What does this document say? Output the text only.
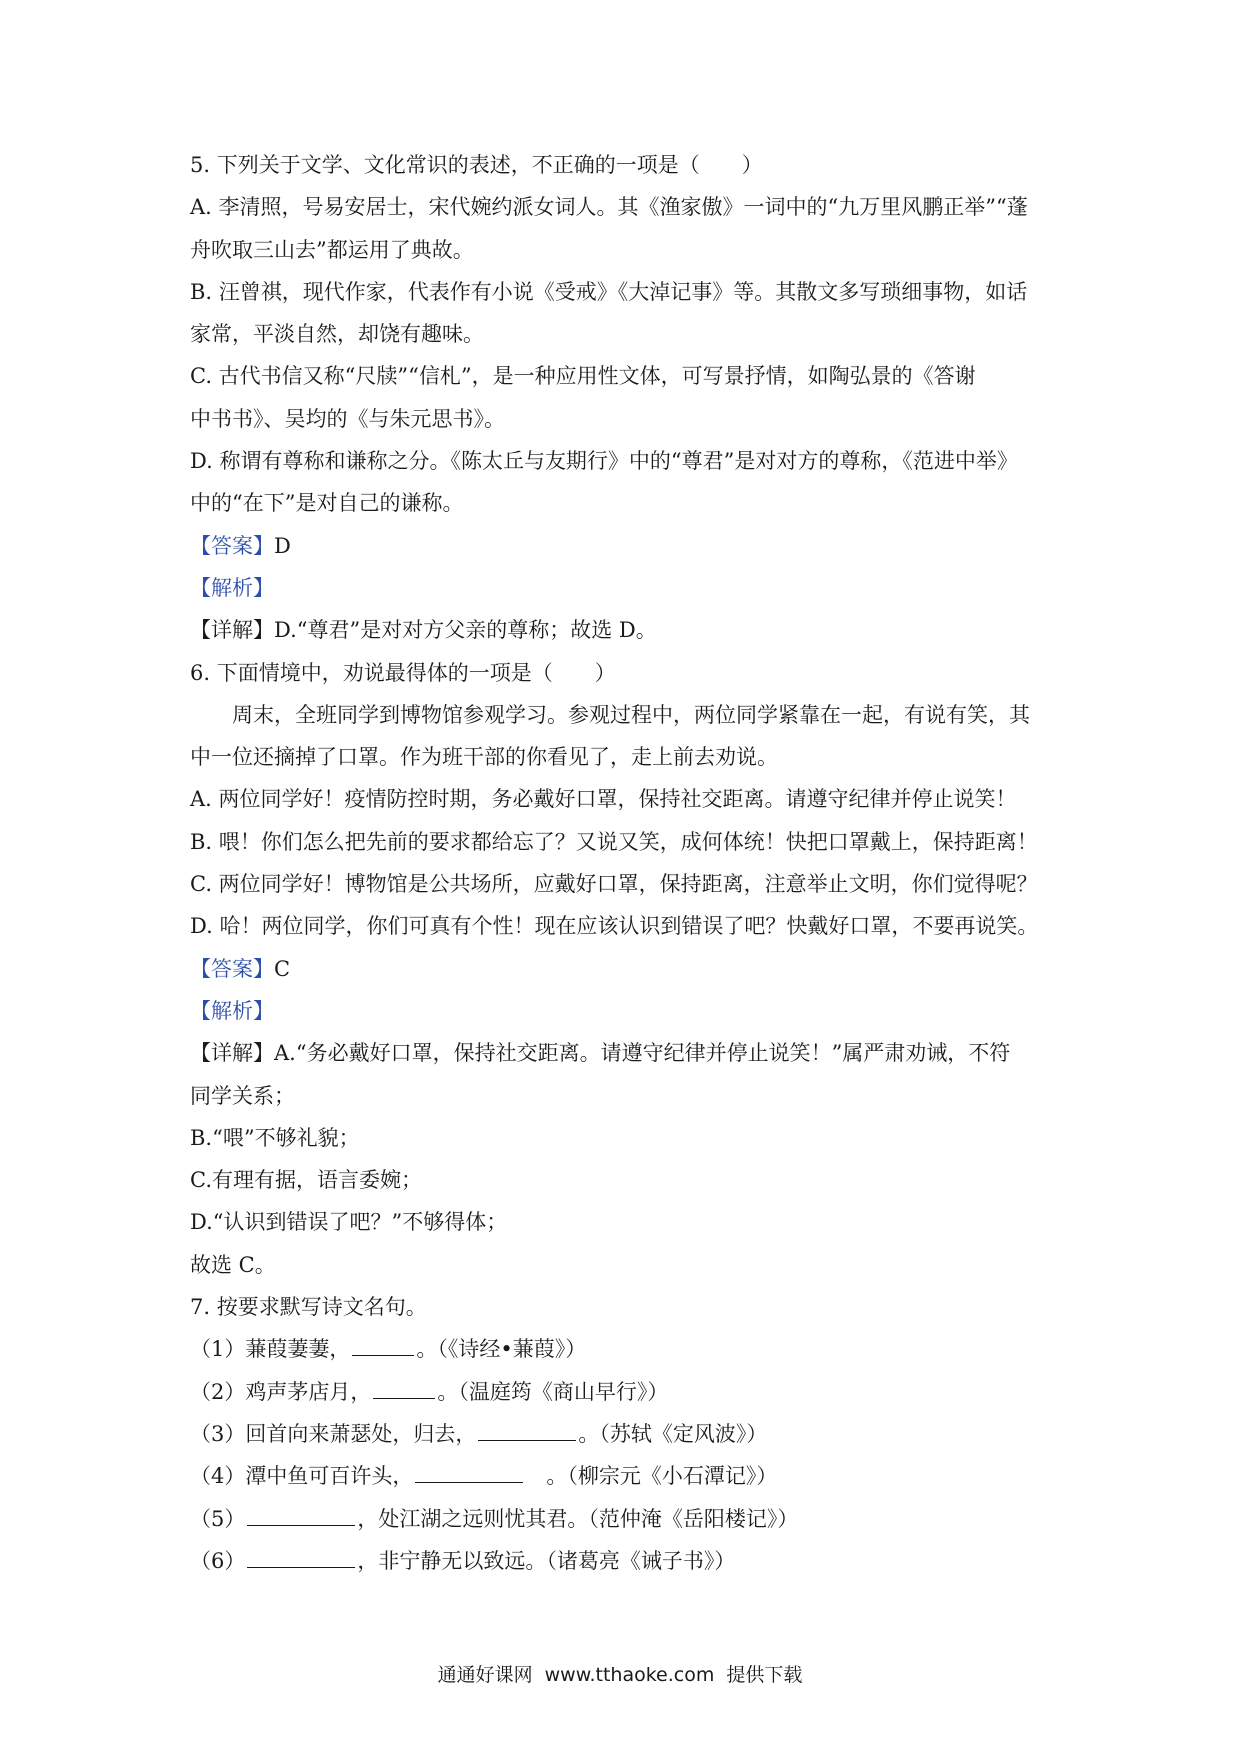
5. 下列关于文学、文化常识的表述，不正确的一项是（　　）
A. 李清照，号易安居士，宋代婉约派女词人。其《渔家傲》一词中的“九万里风鹏正举”“蓬
舟吹取三山去”都运用了典故。
B. 汪曾祺，现代作家，代表作有小说《受戒》《大淖记事》等。其散文多写琐细事物，如话
家常，平淡自然，却饶有趣味。
C. 古代书信又称“尺牍”“信札”，是一种应用性文体，可写景抒情，如陶弘景的《答谢
中书书》、吴均的《与朱元思书》。
D. 称谓有尊称和谦称之分。《陈太丘与友期行》中的“尊君”是对对方的尊称，《范进中举》
中的“在下”是对自己的谦称。
【答案】D
【解析】
【详解】D.“尊君”是对对方父亲的尊称；故选 D。
6. 下面情境中，劝说最得体的一项是（　　）
周末，全班同学到博物馆参观学习。参观过程中，两位同学紧靠在一起，有说有笑，其
中一位还摘掉了口罩。作为班干部的你看见了，走上前去劝说。
A. 两位同学好！疫情防控时期，务必戴好口罩，保持社交距离。请遵守纪律并停止说笑！
B. 喂！你们怎么把先前的要求都给忘了？又说又笑，成何体统！快把口罩戴上，保持距离！
C. 两位同学好！博物馆是公共场所，应戴好口罩，保持距离，注意举止文明，你们觉得呢？
D. 哈！两位同学，你们可真有个性！现在应该认识到错误了吧？快戴好口罩，不要再说笑。
【答案】C
【解析】
【详解】A.“务必戴好口罩，保持社交距离。请遵守纪律并停止说笑！”属严肃劝诫，不符
同学关系；
B.“喂”不够礼貌；
C.有理有据，语言委婉；
D.“认识到错误了吧？”不够得体；
故选 C。
7. 按要求默写诗文名句。
（1）蒹葭萋萋，	。（《诗经•蒹葭》）
（2）鸡声茅店月，	。（温庭筠《商山早行》）
（3）回首向来萧瑟处，归去，	。（苏轼《定风波》）
（4）潭中鱼可百许头，	　。（柳宗元《小石潭记》）
（5）	，处江湖之远则忧其君。（范仲淹《岳阳楼记》）
（6）	，非宁静无以致远。（诸葛亮《诫子书》）
通通好课网 www.tthaoke.com 提供下载
